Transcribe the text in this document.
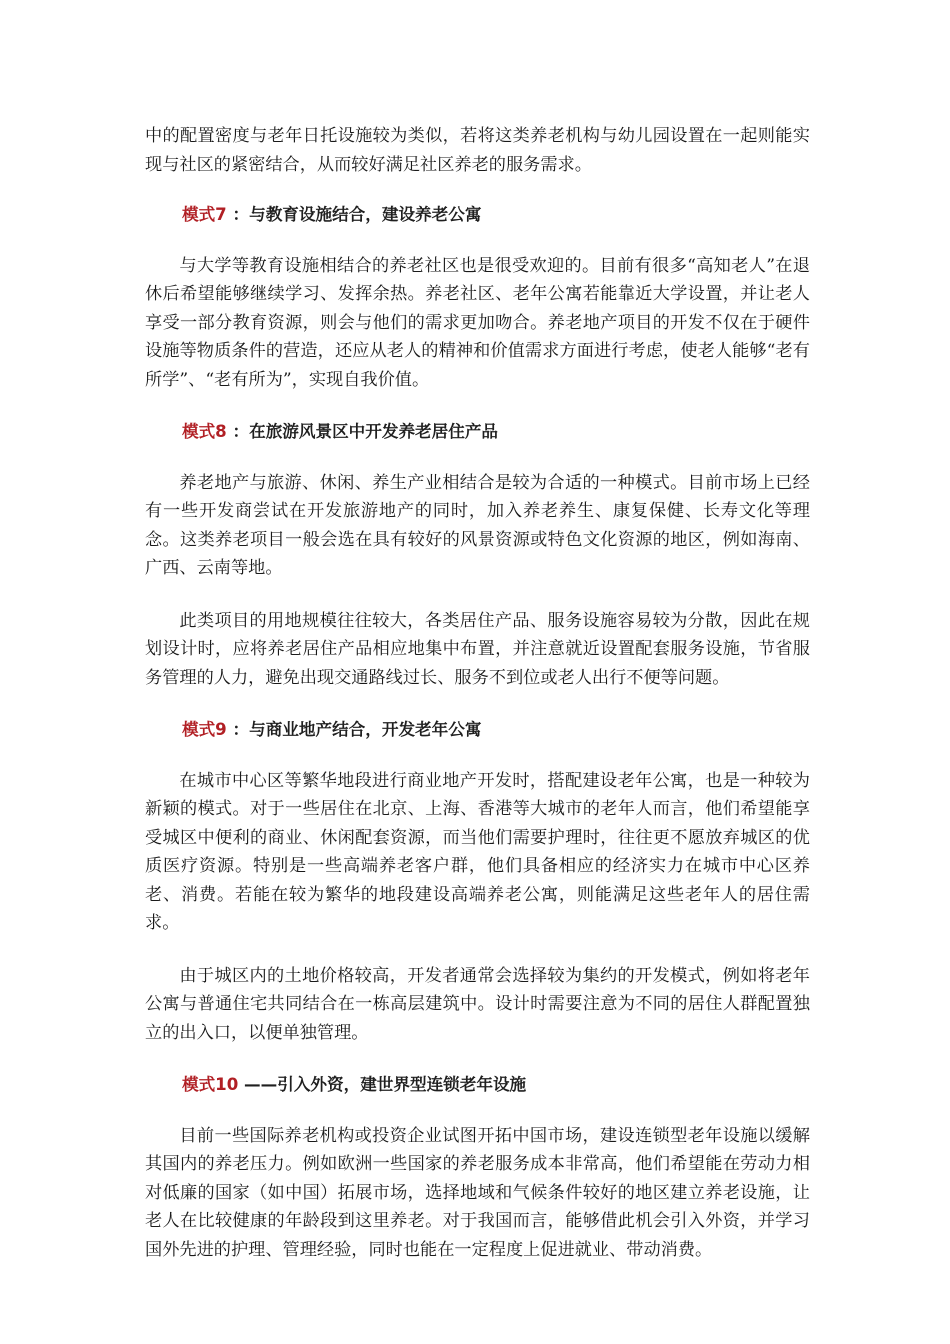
中的配置密度与老年日托设施较为类似，若将这类养老机构与幼儿园设置在一起则能实现与社区的紧密结合，从而较好满足社区养老的服务需求。

模式7 ：与教育设施结合，建设养老公寓

与大学等教育设施相结合的养老社区也是很受欢迎的。目前有很多“高知老人”在退休后希望能够继续学习、发挥余热。养老社区、老年公寓若能靠近大学设置，并让老人享受一部分教育资源，则会与他们的需求更加吻合。养老地产项目的开发不仅在于硬件设施等物质条件的营造，还应从老人的精神和价值需求方面进行考虑，使老人能够“老有所学”、“老有所为”，实现自我价值。

模式8 ：在旅游风景区中开发养老居住产品

养老地产与旅游、休闲、养生产业相结合是较为合适的一种模式。目前市场上已经有一些开发商尝试在开发旅游地产的同时，加入养老养生、康复保健、长寿文化等理念。这类养老项目一般会选在具有较好的风景资源或特色文化资源的地区，例如海南、广西、云南等地。

此类项目的用地规模往往较大，各类居住产品、服务设施容易较为分散，因此在规划设计时，应将养老居住产品相应地集中布置，并注意就近设置配套服务设施，节省服务管理的人力，避免出现交通路线过长、服务不到位或老人出行不便等问题。

模式9 ：与商业地产结合，开发老年公寓

在城市中心区等繁华地段进行商业地产开发时，搭配建设老年公寓，也是一种较为新颖的模式。对于一些居住在北京、上海、香港等大城市的老年人而言，他们希望能享受城区中便利的商业、休闲配套资源，而当他们需要护理时，往往更不愿放弃城区的优质医疗资源。特别是一些高端养老客户群，他们具备相应的经济实力在城市中心区养老、消费。若能在较为繁华的地段建设高端养老公寓，则能满足这些老年人的居住需求。

由于城区内的土地价格较高，开发者通常会选择较为集约的开发模式，例如将老年公寓与普通住宅共同结合在一栋高层建筑中。设计时需要注意为不同的居住人群配置独立的出入口，以便单独管理。

模式10 ——引入外资，建世界型连锁老年设施

目前一些国际养老机构或投资企业试图开拓中国市场，建设连锁型老年设施以缓解其国内的养老压力。例如欧洲一些国家的养老服务成本非常高，他们希望能在劳动力相对低廉的国家（如中国）拓展市场，选择地域和气候条件较好的地区建立养老设施，让老人在比较健康的年龄段到这里养老。对于我国而言，能够借此机会引入外资，并学习国外先进的护理、管理经验，同时也能在一定程度上促进就业、带动消费。
